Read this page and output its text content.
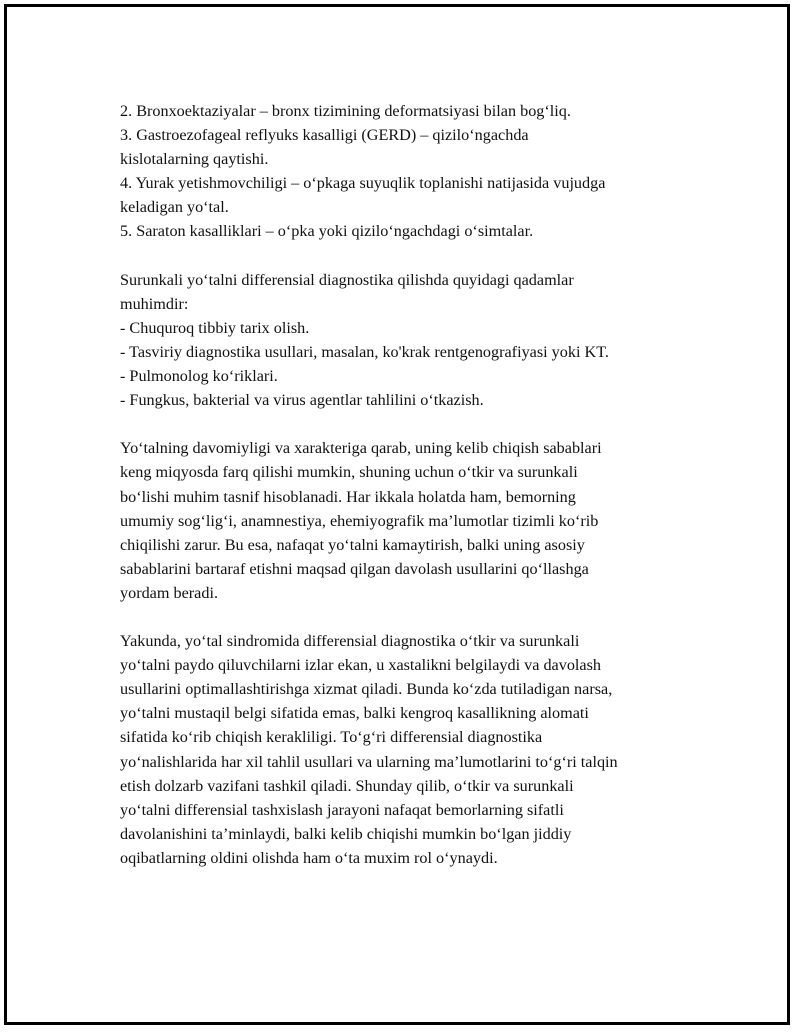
2. Bronxoektaziyalar – bronx tizimining deformatsiyasi bilan bog‘liq.
3. Gastroezofageal reflyuks kasalligi (GERD) – qizilo‘ngachda
kislotalarning qaytishi.
4. Yurak yetishmovchiligi – o‘pkaga suyuqlik toplanishi natijasida vujudga
keladigan yo‘tal.
5. Saraton kasalliklari – o‘pka yoki qizilo‘ngachdagi o‘simtalar.
Surunkali yo‘talni differensial diagnostika qilishda quyidagi qadamlar
muhimdir:
- Chuquroq tibbiy tarix olish.
- Tasviriy diagnostika usullari, masalan, ko'krak rentgenografiyasi yoki KT.
- Pulmonolog ko‘riklari.
- Fungkus, bakterial va virus agentlar tahlilini o‘tkazish.
Yo‘talning davomiyligi va xarakteriga qarab, uning kelib chiqish sabablari
keng miqyosda farq qilishi mumkin, shuning uchun o‘tkir va surunkali
bo‘lishi muhim tasnif hisoblanadi. Har ikkala holatda ham, bemorning
umumiy sog‘lig‘i, anamnestiya, ehemiyografik ma’lumotlar tizimli ko‘rib
chiqilishi zarur. Bu esa, nafaqat yo‘talni kamaytirish, balki uning asosiy
sabablarini bartaraf etishni maqsad qilgan davolash usullarini qo‘llashga
yordam beradi.
Yakunda, yo‘tal sindromida differensial diagnostika o‘tkir va surunkali
yo‘talni paydo qiluvchilarni izlar ekan, u xastalikni belgilaydi va davolash
usullarini optimallashtirishga xizmat qiladi. Bunda ko‘zda tutiladigan narsa,
yo‘talni mustaqil belgi sifatida emas, balki kengroq kasallikning alomati
sifatida ko‘rib chiqish kerakliligi. To‘g‘ri differensial diagnostika
yo‘nalishlarida har xil tahlil usullari va ularning ma’lumotlarini to‘g‘ri talqin
etish dolzarb vazifani tashkil qiladi. Shunday qilib, o‘tkir va surunkali
yo‘talni differensial tashxislash jarayoni nafaqat bemorlarning sifatli
davolanishini ta’minlaydi, balki kelib chiqishi mumkin bo‘lgan jiddiy
oqibatlarning oldini olishda ham o‘ta muxim rol o‘ynaydi.
